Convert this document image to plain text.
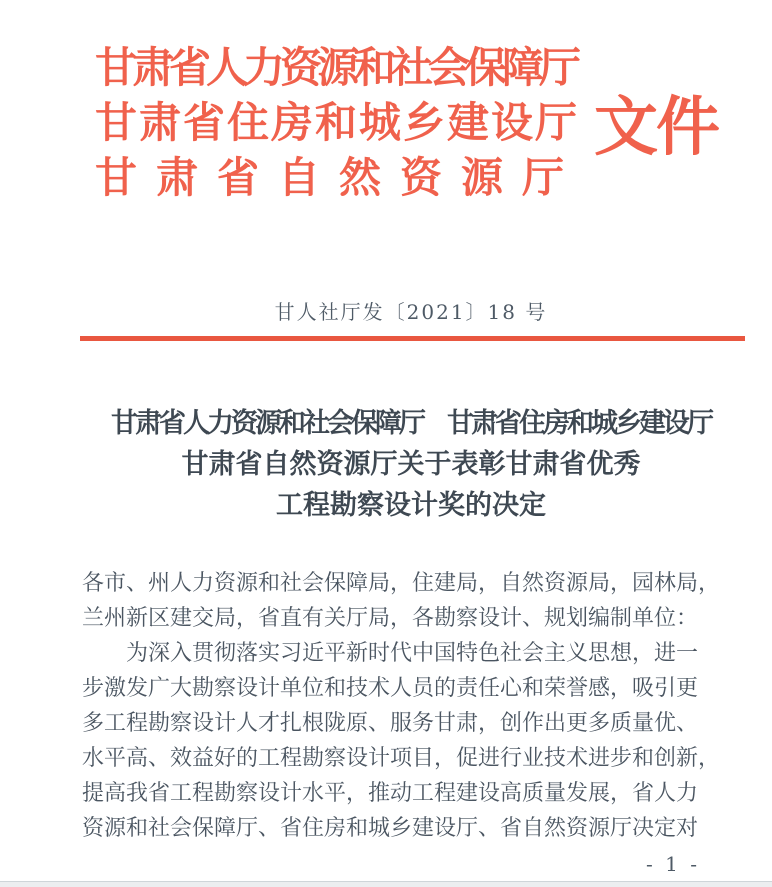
甘肃省人力资源和社会保障厅
甘肃省住房和城乡建设厅
甘肃省自然资源厅
文件
甘人社厅发〔2021〕18 号
甘肃省人力资源和社会保障厅　甘肃省住房和城乡建设厅
甘肃省自然资源厅关于表彰甘肃省优秀
工程勘察设计奖的决定
各市、州人力资源和社会保障局，住建局，自然资源局，园林局，
兰州新区建交局，省直有关厅局，各勘察设计、规划编制单位：
　　为深入贯彻落实习近平新时代中国特色社会主义思想，进一
步激发广大勘察设计单位和技术人员的责任心和荣誉感，吸引更
多工程勘察设计人才扎根陇原、服务甘肃，创作出更多质量优、
水平高、效益好的工程勘察设计项目，促进行业技术进步和创新，
提高我省工程勘察设计水平，推动工程建设高质量发展，省人力
资源和社会保障厅、省住房和城乡建设厅、省自然资源厅决定对
- 1 -
